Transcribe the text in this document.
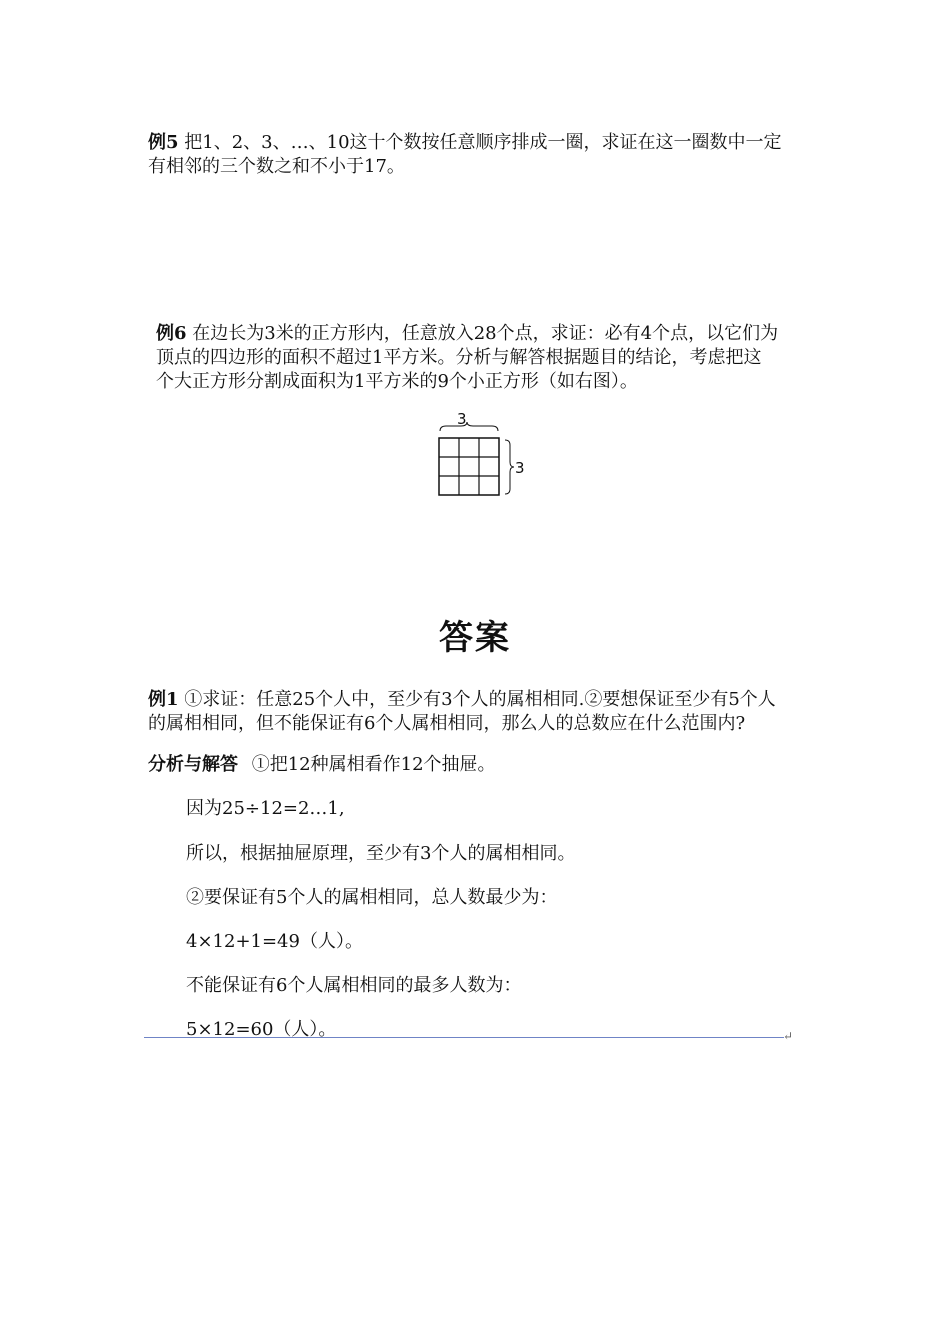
例5 把1、2、3、…、10这十个数按任意顺序排成一圈，求证在这一圈数中一定
有相邻的三个数之和不小于17。
例6 在边长为3米的正方形内，任意放入28个点，求证：必有4个点，以它们为
顶点的四边形的面积不超过1平方米。分析与解答根据题目的结论，考虑把这
个大正方形分割成面积为1平方米的9个小正方形（如右图）。
3
3
答案
例1 ①求证：任意25个人中，至少有3个人的属相相同.②要想保证至少有5个人
的属相相同，但不能保证有6个人属相相同，那么人的总数应在什么范围内?
分析与解答 ①把12种属相看作12个抽屉。
因为25÷12=2…1,
所以，根据抽屉原理，至少有3个人的属相相同。
②要保证有5个人的属相相同，总人数最少为：
4×12+1=49（人）。
不能保证有6个人属相相同的最多人数为：
5×12=60（人）。	↵
